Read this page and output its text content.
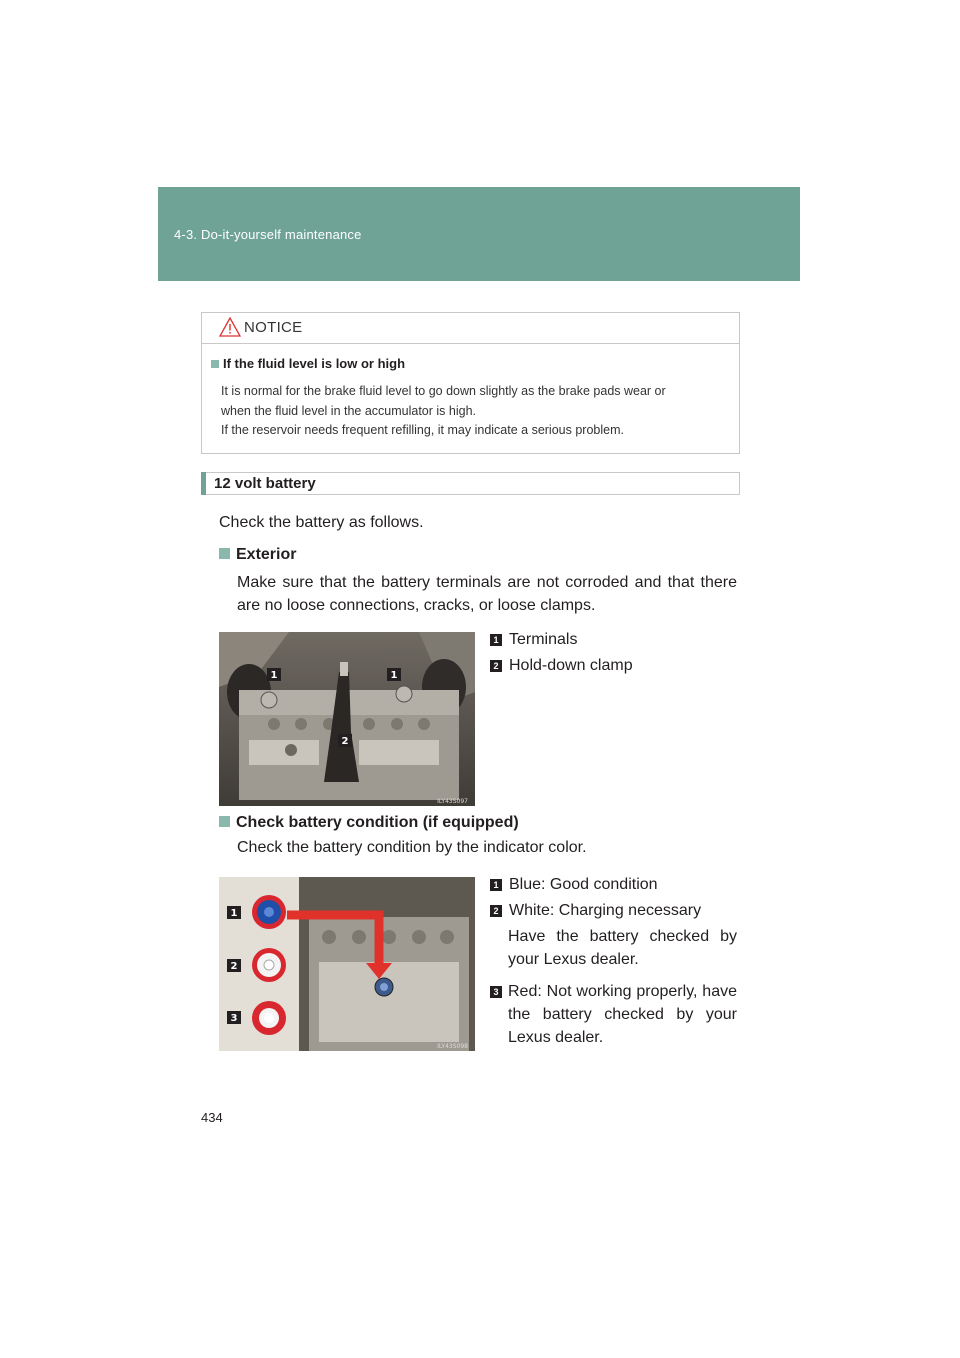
4-3. Do-it-yourself maintenance
NOTICE
If the fluid level is low or high

It is normal for the brake fluid level to go down slightly as the brake pads wear or

when the fluid level in the accumulator is high.

If the reservoir needs frequent refilling, it may indicate a serious problem.

12 volt battery
Check the battery as follows.
Exterior
Make sure that the battery terminals are not corroded and that there are no loose connections, cracks, or loose clamps.
1	1
2
ILY43S097
1 Terminals
2 Hold-down clamp
Check battery condition (if equipped)
Check the battery condition by the indicator color.
1
2
3
ILY43S098
1 Blue: Good condition
2 White: Charging necessary
Have the battery checked by your Lexus dealer.
3 Red: Not working properly, have the battery checked by your Lexus dealer.
434
